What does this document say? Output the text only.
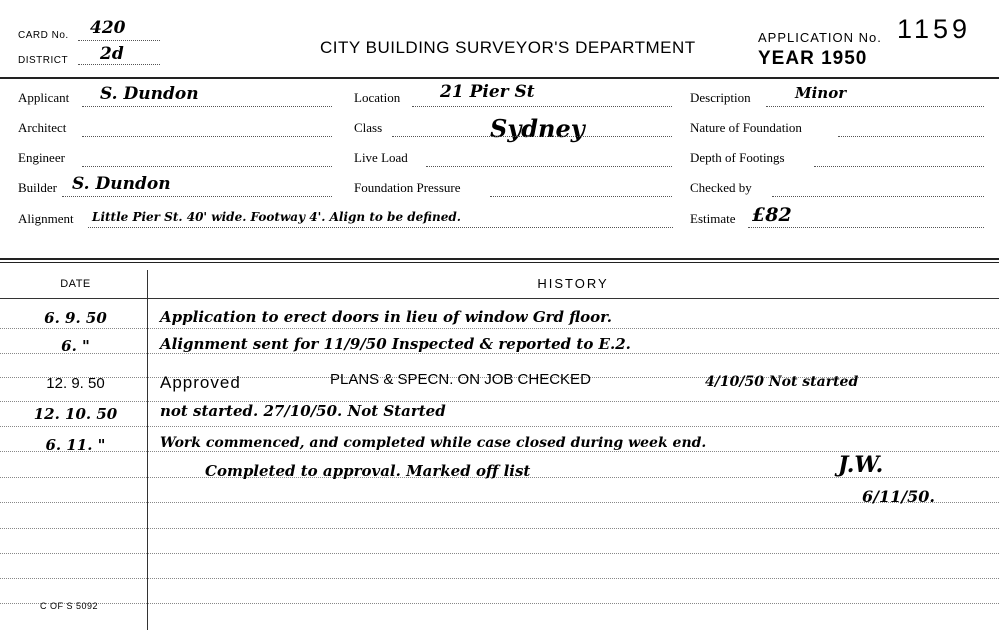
CARD No. 420
DISTRICT 2d	CITY BUILDING SURVEYOR'S DEPARTMENT
APPLICATION No. 1159
YEAR 1950
Applicant S. Dundon
Architect
Engineer
Builder S. Dundon
Alignment Little Pier St. 40' wide. Footway 4'. Align to be defined.
Location 21 Pier St
Class	Sydney
Live Load
Foundation Pressure
Description	Minor
Nature of Foundation
Depth of Footings
Checked by
Estimate £82
DATE	HISTORY
6. 9. 50	Application to erect doors in lieu of window Grd floor.
6. "	Alignment sent for 11/9/50 Inspected & reported to E.2.
12. 9. 50	Approved	PLANS & SPECN. ON JOB CHECKED	4/10/50 Not started
12. 10. 50	not started. 27/10/50. Not Started
6. 11. "	Work commenced, and completed while case closed during week end.
Completed to approval. Marked off list	J.W.
6/11/50.
C OF S 5092
